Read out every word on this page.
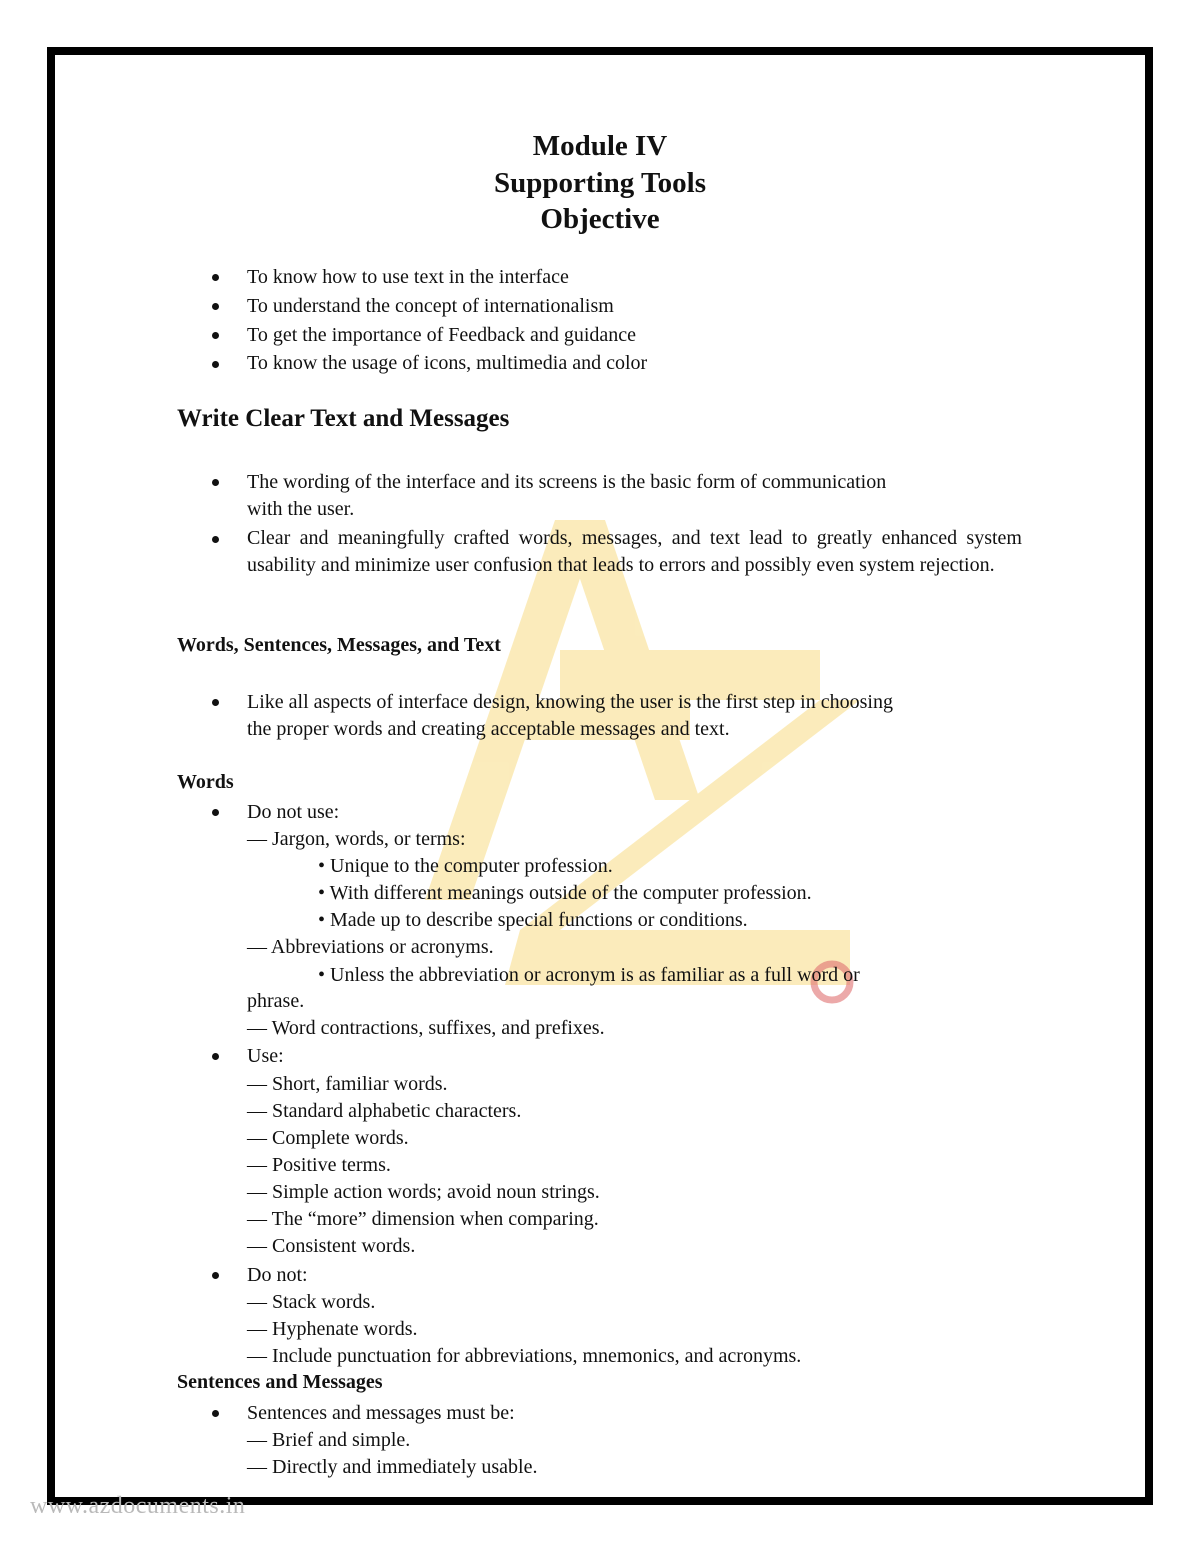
Module IV
Supporting Tools
Objective
To know how to use text in the interface
To understand the concept of internationalism
To get the importance of Feedback and guidance
To know the usage of icons, multimedia and color
Write Clear Text and Messages
The wording of the interface and its screens is the basic form of communication
with the user.
Clear and meaningfully crafted words, messages, and text lead to greatly enhanced system usability and minimize user confusion that leads to errors and possibly even system rejection.
Words, Sentences, Messages, and Text
Like all aspects of interface design, knowing the user is the first step in choosing
the proper words and creating acceptable messages and text.
Words
Do not use:
— Jargon, words, or terms:
• Unique to the computer profession.
• With different meanings outside of the computer profession.
• Made up to describe special functions or conditions.
— Abbreviations or acronyms.
• Unless the abbreviation or acronym is as familiar as a full word or
phrase.
— Word contractions, suffixes, and prefixes.
Use:
— Short, familiar words.
— Standard alphabetic characters.
— Complete words.
— Positive terms.
— Simple action words; avoid noun strings.
— The “more” dimension when comparing.
— Consistent words.
Do not:
— Stack words.
— Hyphenate words.
— Include punctuation for abbreviations, mnemonics, and acronyms.
Sentences and Messages
Sentences and messages must be:
— Brief and simple.
— Directly and immediately usable.
www.azdocuments.in
